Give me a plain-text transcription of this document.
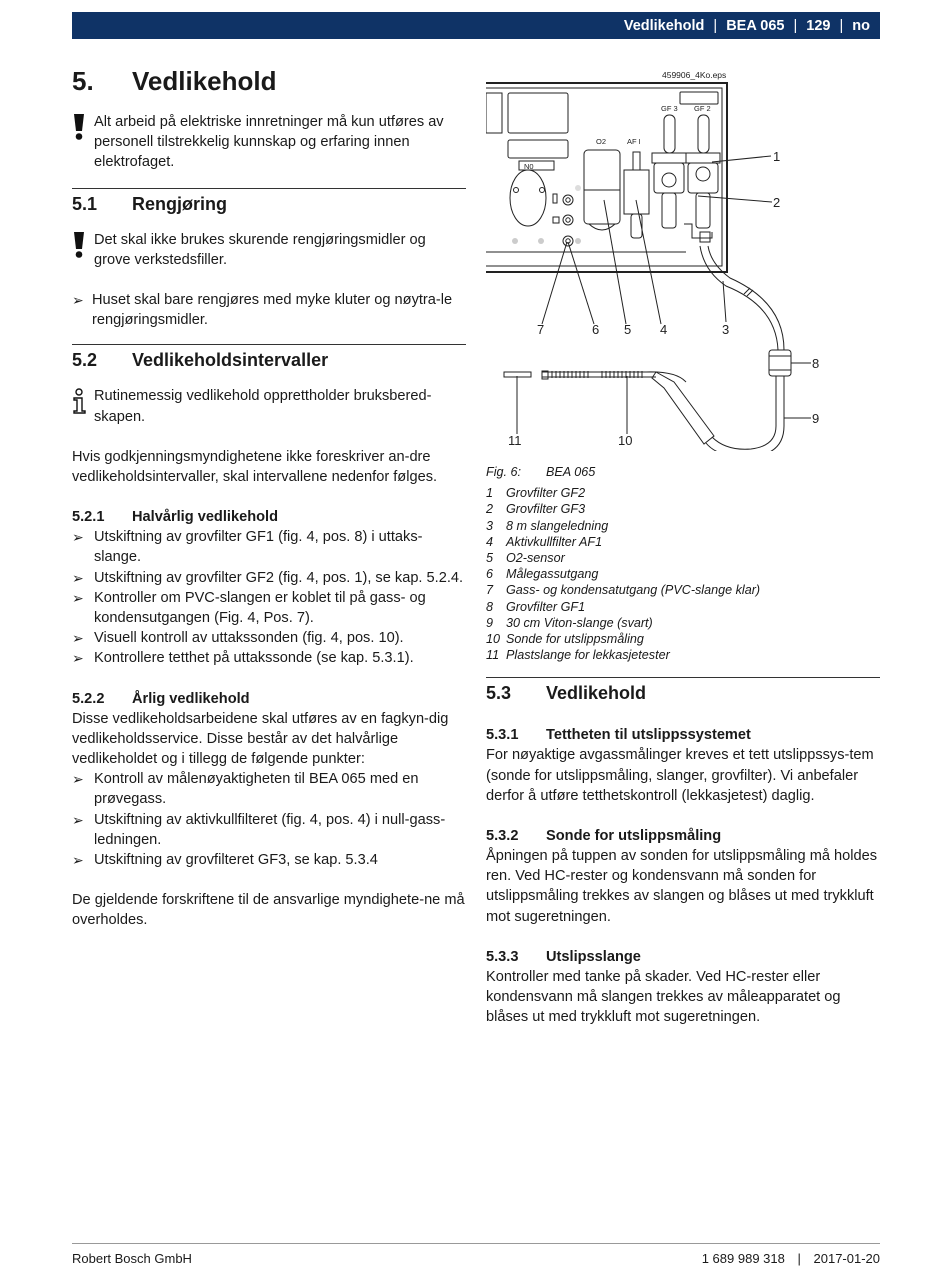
Vedlikehold | BEA 065 | 129 | no
5.	Vedlikehold

Alt arbeid på elektriske innretninger må kun utføres av personell tilstrekkelig kunnskap og erfaring innen elektrofaget.

5.1	Rengjøring

Det skal ikke brukes skurende rengjøringsmidler og grove verkstedsfiller.

➢ Huset skal bare rengjøres med myke kluter og nøytra-le rengjøringsmidler.

5.2	Vedlikeholdsintervaller

Rutinemessig vedlikehold opprettholder bruksbered-skapen.

Hvis godkjenningsmyndighetene ikke foreskriver an-dre vedlikeholdsintervaller, skal intervallene nedenfor følges.

5.2.1	Halvårlig vedlikehold
➢ Utskiftning av grovfilter GF1 (fig. 4, pos. 8) i uttaks-slange.

➢ Utskiftning av grovfilter GF2 (fig. 4, pos. 1), se kap. 5.2.4.

➢ Kontroller om PVC-slangen er koblet til på gass- og kondensutgangen (Fig. 4, Pos. 7).

➢ Visuell kontroll av uttakssonden (fig. 4, pos. 10).

➢ Kontrollere tetthet på uttakssonde (se kap. 5.3.1).

5.2.2	Årlig vedlikehold

Disse vedlikeholdsarbeidene skal utføres av en fagkyn-dig vedlikeholdsservice. Disse består av det halvårlige vedlikeholdet og i tillegg de følgende punkter:

➢ Kontroll av målenøyaktigheten til BEA 065 med en prøvegass.

➢ Utskiftning av aktivkullfilteret (fig. 4, pos. 4) i null-gass-ledningen.

➢ Utskiftning av grovfilteret GF3, se kap. 5.3.4

De gjeldende forskriftene til de ansvarlige myndighete-ne må overholdes.

459906_4Ko.eps
N0
O2	AF I
GF 3 GF 2
1
2
3
4
5
6
7
8
9
10
11
Fig. 6:	BEA 065
1	Grovfilter GF2
2	Grovfilter GF3
3	8 m slangeledning
4	Aktivkullfilter AF1
5	O2-sensor
6	Målegassutgang
7	Gass- og kondensatutgang (PVC-slange klar)
8	Grovfilter GF1
9	30 cm Viton-slange (svart)
10 Sonde for utslippsmåling
11 Plastslange for lekkasjetester
5.3	Vedlikehold
5.3.1	Tettheten til utslippssystemet

For nøyaktige avgassmålinger kreves et tett utslippssys-tem (sonde for utslippsmåling, slanger, grovfilter). Vi anbefaler derfor å utføre tetthetskontroll (lekkasjetest) daglig.

5.3.2	Sonde for utslippsmåling

Åpningen på tuppen av sonden for utslippsmåling må holdes ren. Ved HC-rester og kondensvann må sonden for utslippsmåling trekkes av slangen og blåses ut med trykkluft mot sugeretningen.

5.3.3	Utslipsslange

Kontroller med tanke på skader. Ved HC-rester eller kondensvann må slangen trekkes av måleapparatet og blåses ut med trykkluft mot sugeretningen.

Robert Bosch GmbH	1 689 989 318 | 2017-01-20
